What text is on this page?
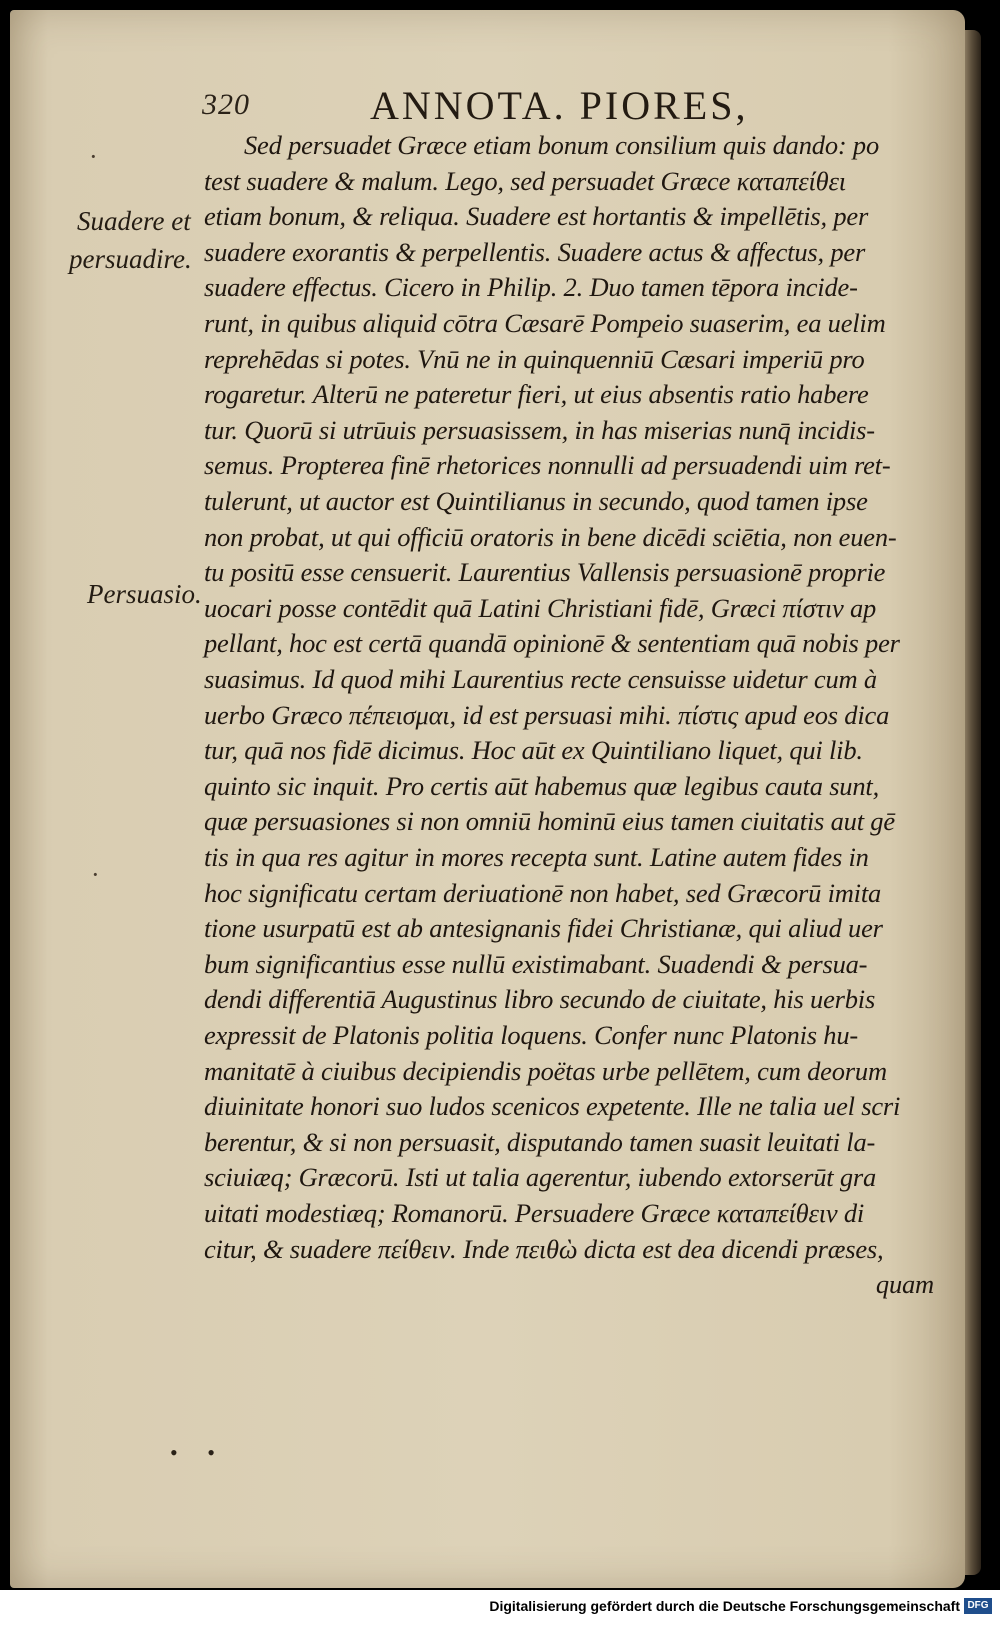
320	ANNOTA. PIORES,
·
Suadere et
persuadire.
Persuasio.
·
Sed persuadet Græce etiam bonum consilium quis dando: po
test suadere & malum. Lego, sed persuadet Græce κατaπείθει
etiam bonum, & reliqua. Suadere est hortantis & impellētis, per
suadere exorantis & perpellentis. Suadere actus & affectus, per
suadere effectus. Cicero in Philip. 2. Duo tamen tēpora incide-
runt, in quibus aliquid cōtra Cæsarē Pompeio suaserim, ea uelim
reprehēdas si potes. Vnū ne in quinquenniū Cæsari imperiū pro
rogaretur. Alterū ne pateretur fieri, ut eius absentis ratio habere
tur. Quorū si utrūuis persuasissem, in has miserias nunq̄ incidis-
semus. Propterea finē rhetorices nonnulli ad persuadendi uim ret-
tulerunt, ut auctor est Quintilianus in secundo, quod tamen ipse
non probat, ut qui officiū oratoris in bene dicēdi sciētia, non euen-
tu positū esse censuerit. Laurentius Vallensis persuasionē proprie
uocari posse contēdit quā Latini Christiani fidē, Græci πίστιν ap
pellant, hoc est certā quandā opinionē & sententiam quā nobis per
suasimus. Id quod mihi Laurentius recte censuisse uidetur cum à
uerbo Græco πέπεισμαι, id est persuasi mihi. πίστις apud eos dica
tur, quā nos fidē dicimus. Hoc aūt ex Quintiliano liquet, qui lib.
quinto sic inquit. Pro certis aūt habemus quæ legibus cauta sunt,
quæ persuasiones si non omniū hominū eius tamen ciuitatis aut gē
tis in qua res agitur in mores recepta sunt. Latine autem fides in
hoc significatu certam deriuationē non habet, sed Græcorū imita
tione usurpatū est ab antesignanis fidei Christianæ, qui aliud uer
bum significantius esse nullū existimabant. Suadendi & persua-
dendi differentiā Augustinus libro secundo de ciuitate, his uerbis
expressit de Platonis politia loquens. Confer nunc Platonis hu-
manitatē à ciuibus decipiendis poëtas urbe pellētem, cum deorum
diuinitate honori suo ludos scenicos expetente. Ille ne talia uel scri
berentur, & si non persuasit, disputando tamen suasit leuitati la-
sciuiæq; Græcorū. Isti ut talia agerentur, iubendo extorserūt gra
uitati modestiæq; Romanorū. Persuadere Græce κατaπείθειν di
citur, & suadere πείθειν. Inde πειθὼ dicta est dea dicendi præses,
quam
• •
Digitalisierung gefördert durch die Deutsche Forschungsgemeinschaft DFG
